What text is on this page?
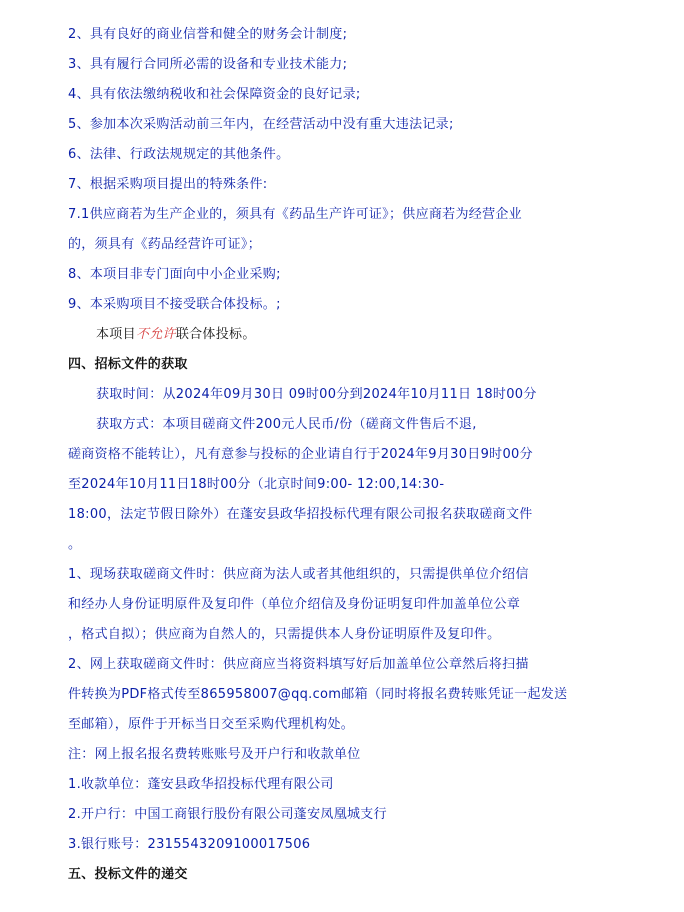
2、具有良好的商业信誉和健全的财务会计制度;
3、具有履行合同所必需的设备和专业技术能力;
4、具有依法缴纳税收和社会保障资金的良好记录;
5、参加本次采购活动前三年内，在经营活动中没有重大违法记录;
6、法律、行政法规规定的其他条件。
7、根据采购项目提出的特殊条件:
7.1供应商若为生产企业的，须具有《药品生产许可证》；供应商若为经营企业
的，须具有《药品经营许可证》；
8、本项目非专门面向中小企业采购;
9、本采购项目不接受联合体投标。;
本项目不允许联合体投标。
四、招标文件的获取
获取时间：从2024年09月30日 09时00分到2024年10月11日 18时00分
获取方式：本项目磋商文件200元人民币/份（磋商文件售后不退,
磋商资格不能转让），凡有意参与投标的企业请自行于2024年9月30日9时00分
至2024年10月11日18时00分（北京时间9:00- 12:00,14:30-
18:00，法定节假日除外）在蓬安县政华招投标代理有限公司报名获取磋商文件
。
1、现场获取磋商文件时：供应商为法人或者其他组织的，只需提供单位介绍信
和经办人身份证明原件及复印件（单位介绍信及身份证明复印件加盖单位公章
，格式自拟）；供应商为自然人的，只需提供本人身份证明原件及复印件。
2、网上获取磋商文件时：供应商应当将资料填写好后加盖单位公章然后将扫描
件转换为PDF格式传至865958007@qq.com邮箱（同时将报名费转账凭证一起发送
至邮箱），原件于开标当日交至采购代理机构处。
注：网上报名报名费转账账号及开户行和收款单位
1.收款单位：蓬安县政华招投标代理有限公司
2.开户行：中国工商银行股份有限公司蓬安凤凰城支行
3.银行账号：2315543209100017506
五、投标文件的递交
